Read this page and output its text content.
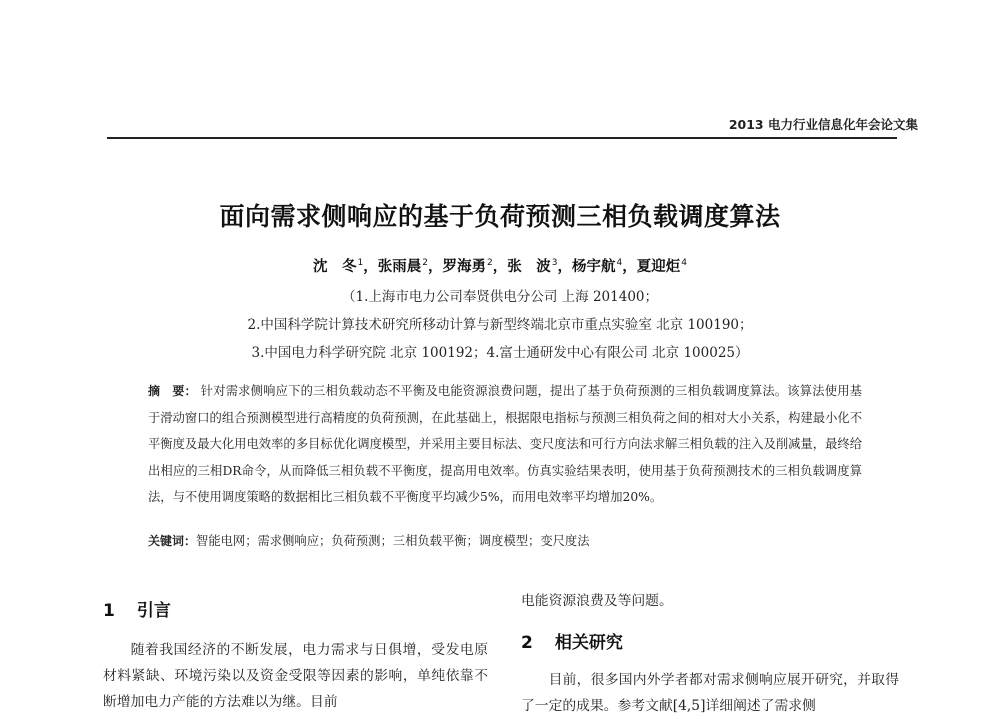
2013 电力行业信息化年会论文集
面向需求侧响应的基于负荷预测三相负载调度算法
沈　冬$^1$，张雨晨$^2$，罗海勇$^2$，张　波$^3$，杨宇航$^4$，夏迎炬$^4$
（1.上海市电力公司奉贤供电分公司 上海 201400；
2.中国科学院计算技术研究所移动计算与新型终端北京市重点实验室 北京 100190；
3.中国电力科学研究院 北京 100192；4.富士通研发中心有限公司 北京 100025）
摘　要： 针对需求侧响应下的三相负载动态不平衡及电能资源浪费问题，提出了基于负荷预测的三相负载调度算法。该算法使用基于滑动窗口的组合预测模型进行高精度的负荷预测，在此基础上，根据限电指标与预测三相负荷之间的相对大小关系，构建最小化不平衡度及最大化用电效率的多目标优化调度模型，并采用主要目标法、变尺度法和可行方向法求解三相负载的注入及削减量，最终给出相应的三相DR命令，从而降低三相负载不平衡度，提高用电效率。仿真实验结果表明，使用基于负荷预测技术的三相负载调度算法，与不使用调度策略的数据相比三相负载不平衡度平均减少5%，而用电效率平均增加20%。
关键词：智能电网；需求侧响应；负荷预测；三相负载平衡；调度模型；变尺度法
1 引言
随着我国经济的不断发展，电力需求与日俱增，受发电原材料紧缺、环境污染以及资金受限等因素的影响，单纯依靠不断增加电力产能的方法难以为继。目前
电能资源浪费及等问题。
2 相关研究
目前，很多国内外学者都对需求侧响应展开研究，并取得了一定的成果。参考文献[4,5]详细阐述了需求侧
